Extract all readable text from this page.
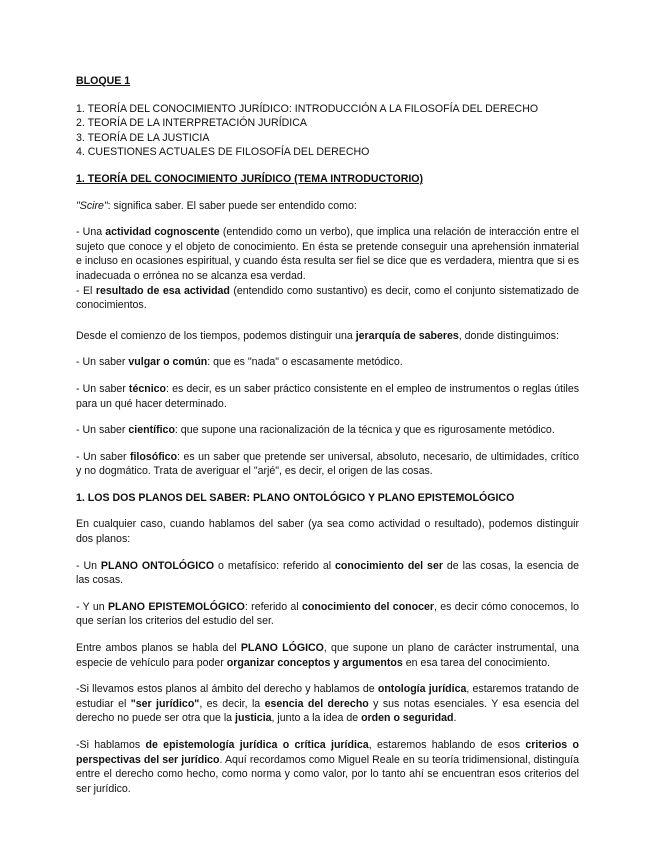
BLOQUE 1

1. TEORÍA DEL CONOCIMIENTO JURÍDICO: INTRODUCCIÓN A LA FILOSOFÍA DEL DERECHO
2. TEORÍA DE LA INTERPRETACIÓN JURÍDICA
3. TEORÍA DE LA JUSTICIA
4. CUESTIONES ACTUALES DE FILOSOFÍA DEL DERECHO

1. TEORÍA DEL CONOCIMIENTO JURÍDICO (TEMA INTRODUCTORIO)

"Scire": significa saber. El saber puede ser entendido como:

- Una actividad cognoscente (entendido como un verbo), que implica una relación de interacción entre el sujeto que conoce y el objeto de conocimiento. En ésta se pretende conseguir una aprehensión inmaterial e incluso en ocasiones espiritual, y cuando ésta resulta ser fiel se dice que es verdadera, mientra que si es inadecuada o errónea no se alcanza esa verdad.

- El resultado de esa actividad (entendido como sustantivo) es decir, como el conjunto sistematizado de conocimientos.

Desde el comienzo de los tiempos, podemos distinguir una jerarquía de saberes, donde distinguimos:

- Un saber vulgar o común: que es "nada" o escasamente metódico.

- Un saber técnico: es decir, es un saber práctico consistente en el empleo de instrumentos o reglas útiles para un qué hacer determinado.

- Un saber científico: que supone una racionalización de la técnica y que es rigurosamente metódico.

- Un saber filosófico: es un saber que pretende ser universal, absoluto, necesario, de ultimidades, crítico y no dogmático. Trata de averiguar el "arjé", es decir, el origen de las cosas.

1. LOS DOS PLANOS DEL SABER: PLANO ONTOLÓGICO Y PLANO EPISTEMOLÓGICO

En cualquier caso, cuando hablamos del saber (ya sea como actividad o resultado), podemos distinguir dos planos:

- Un PLANO ONTOLÓGICO o metafísico: referido al conocimiento del ser de las cosas, la esencia de las cosas.

- Y un PLANO EPISTEMOLÓGICO: referido al conocimiento del conocer, es decir cómo conocemos, lo que serían los criterios del estudio del ser.

Entre ambos planos se habla del PLANO LÓGICO, que supone un plano de carácter instrumental, una especie de vehículo para poder organizar conceptos y argumentos en esa tarea del conocimiento.

-Si llevamos estos planos al ámbito del derecho y hablamos de ontología jurídica, estaremos tratando de estudiar el "ser jurídico", es decir, la esencia del derecho y sus notas esenciales. Y esa esencia del derecho no puede ser otra que la justicia, junto a la idea de orden o seguridad.

-Si hablamos de epistemología jurídica o crítica jurídica, estaremos hablando de esos criterios o perspectivas del ser jurídico. Aquí recordamos como Miguel Reale en su teoría tridimensional, distinguía entre el derecho como hecho, como norma y como valor, por lo tanto ahí se encuentran esos criterios del ser jurídico.
